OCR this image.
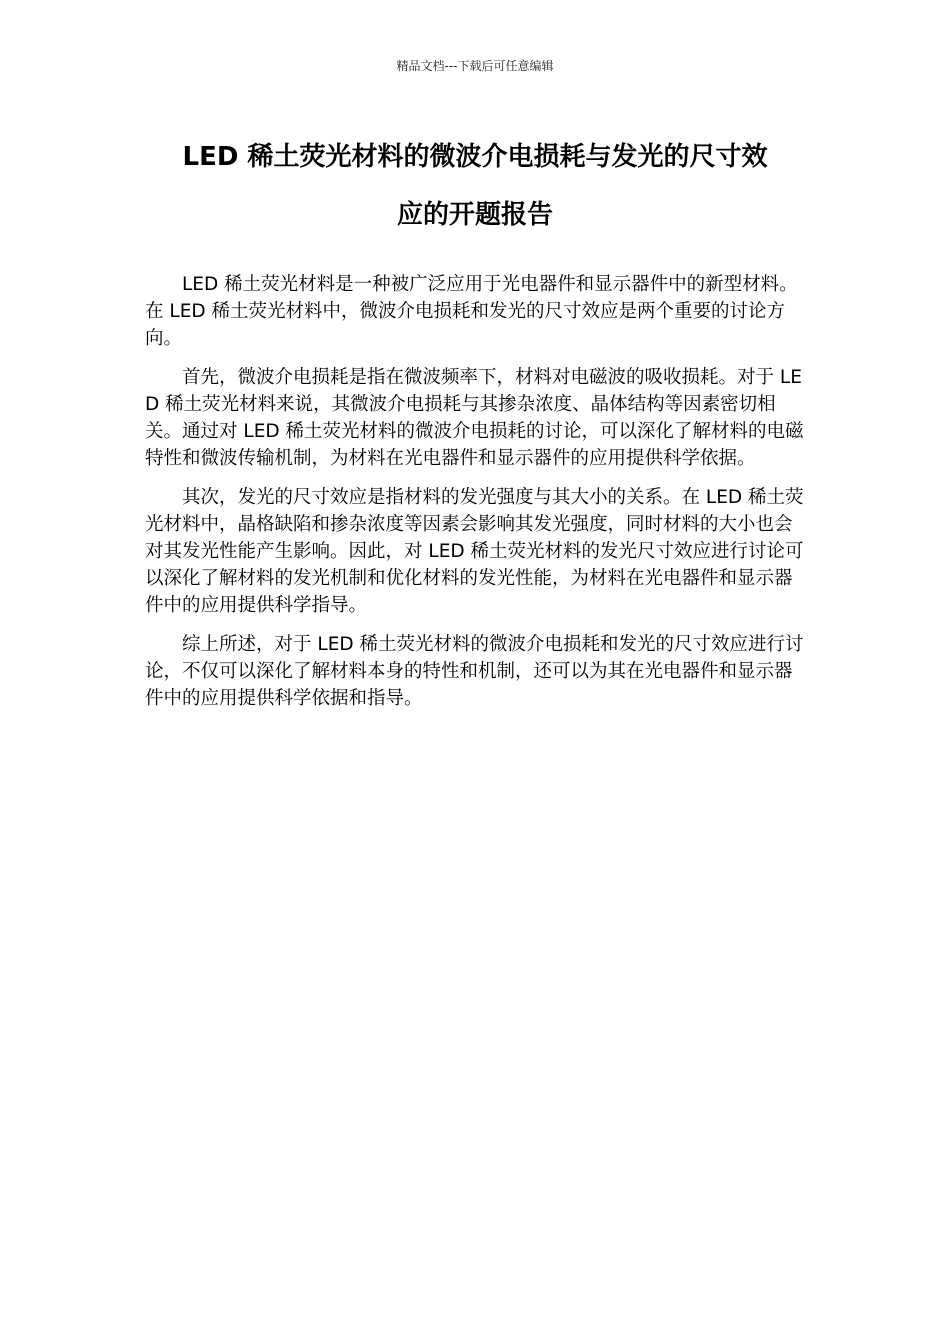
精品文档---下载后可任意编辑
LED 稀土荧光材料的微波介电损耗与发光的尺寸效
应的开题报告

LED 稀土荧光材料是一种被广泛应用于光电器件和显示器件中的新型材料。在 LED 稀土荧光材料中，微波介电损耗和发光的尺寸效应是两个重要的讨论方向。

首先，微波介电损耗是指在微波频率下，材料对电磁波的吸收损耗。对于 LED 稀土荧光材料来说，其微波介电损耗与其掺杂浓度、晶体结构等因素密切相关。通过对 LED 稀土荧光材料的微波介电损耗的讨论，可以深化了解材料的电磁特性和微波传输机制，为材料在光电器件和显示器件的应用提供科学依据。

其次，发光的尺寸效应是指材料的发光强度与其大小的关系。在 LED 稀土荧光材料中，晶格缺陷和掺杂浓度等因素会影响其发光强度，同时材料的大小也会对其发光性能产生影响。因此，对 LED 稀土荧光材料的发光尺寸效应进行讨论可以深化了解材料的发光机制和优化材料的发光性能，为材料在光电器件和显示器件中的应用提供科学指导。

综上所述，对于 LED 稀土荧光材料的微波介电损耗和发光的尺寸效应进行讨论，不仅可以深化了解材料本身的特性和机制，还可以为其在光电器件和显示器件中的应用提供科学依据和指导。
